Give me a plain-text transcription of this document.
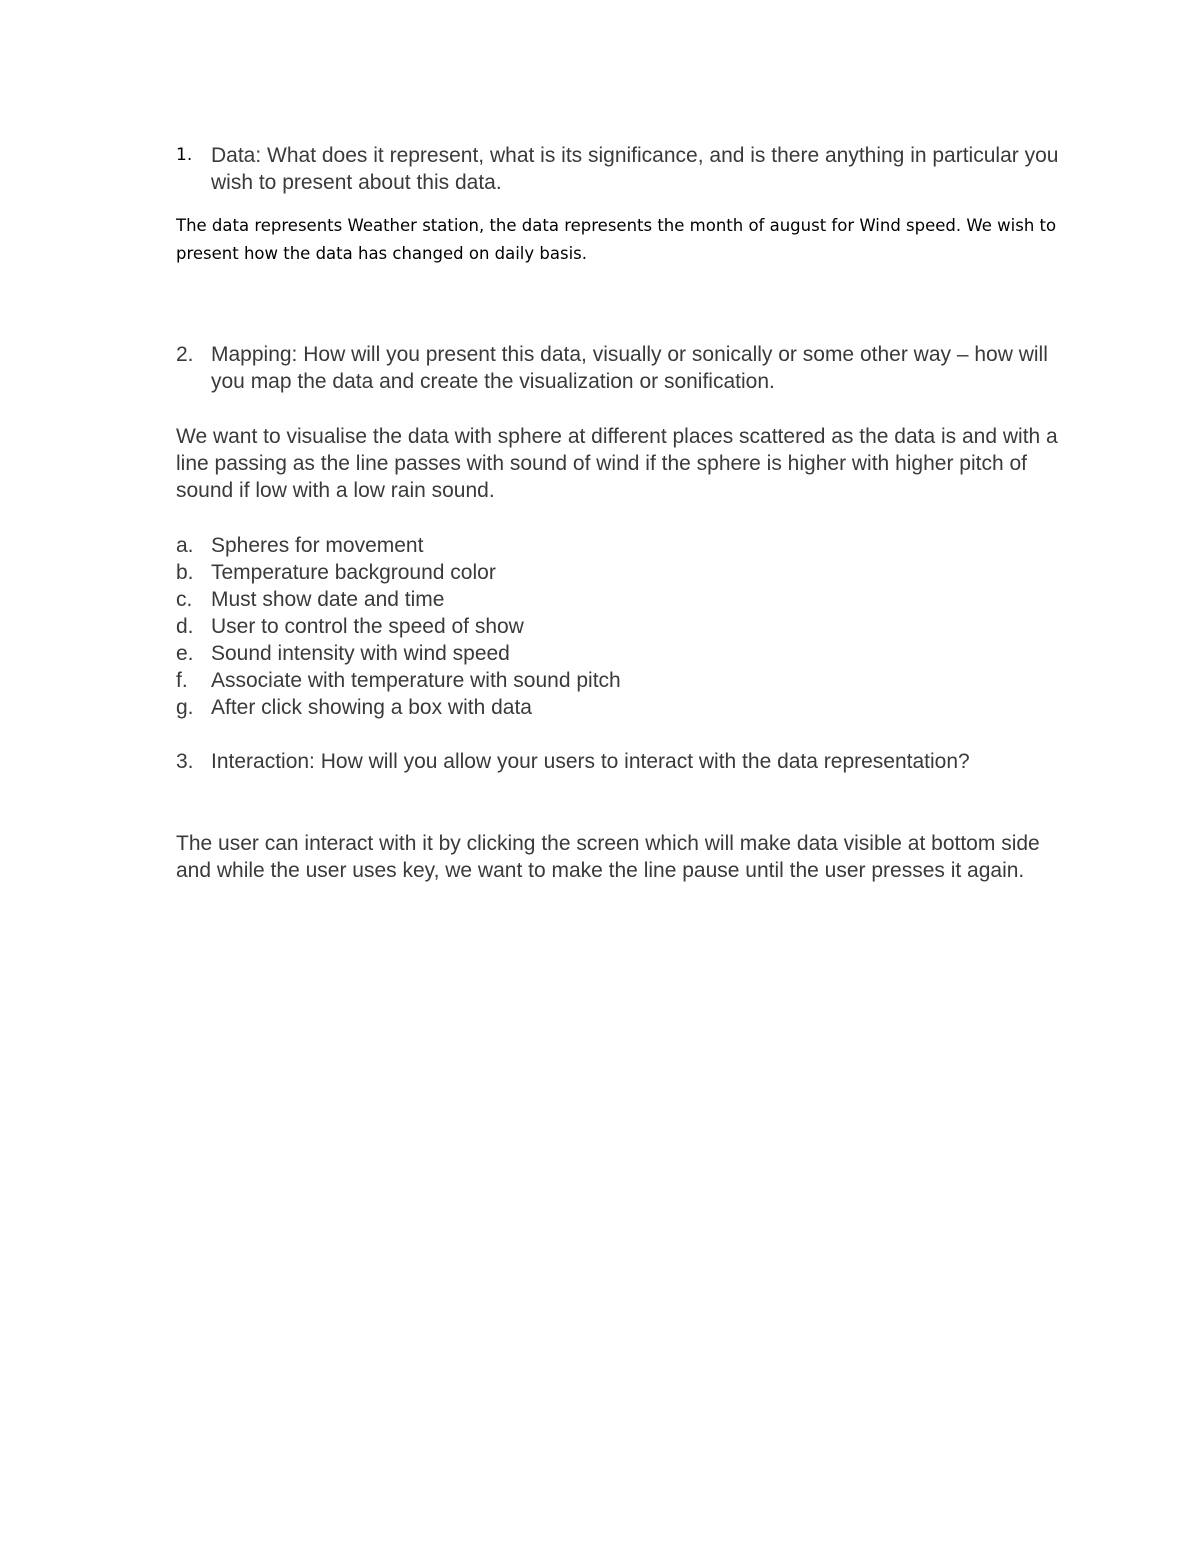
1. Data: What does it represent, what is its significance, and is there anything in particular you wish to present about this data.
The data represents Weather station, the data represents the month of august for Wind speed. We wish to present how the data has changed on daily basis.
2. Mapping: How will you present this data, visually or sonically or some other way – how will you map the data and create the visualization or sonification.
We want to visualise the data with sphere at different places scattered as the data is and with a line passing as the line passes with sound of wind if the sphere is higher with higher pitch of sound if low with a low rain sound.
a. Spheres for movement
b. Temperature background color
c. Must show date and time
d. User to control the speed of show
e. Sound intensity with wind speed
f. Associate with temperature with sound pitch
g. After click showing a box with data
3. Interaction: How will you allow your users to interact with the data representation?
The user can interact with it by clicking the screen which will make data visible at bottom side and while the user uses key, we want to make the line pause until the user presses it again.
